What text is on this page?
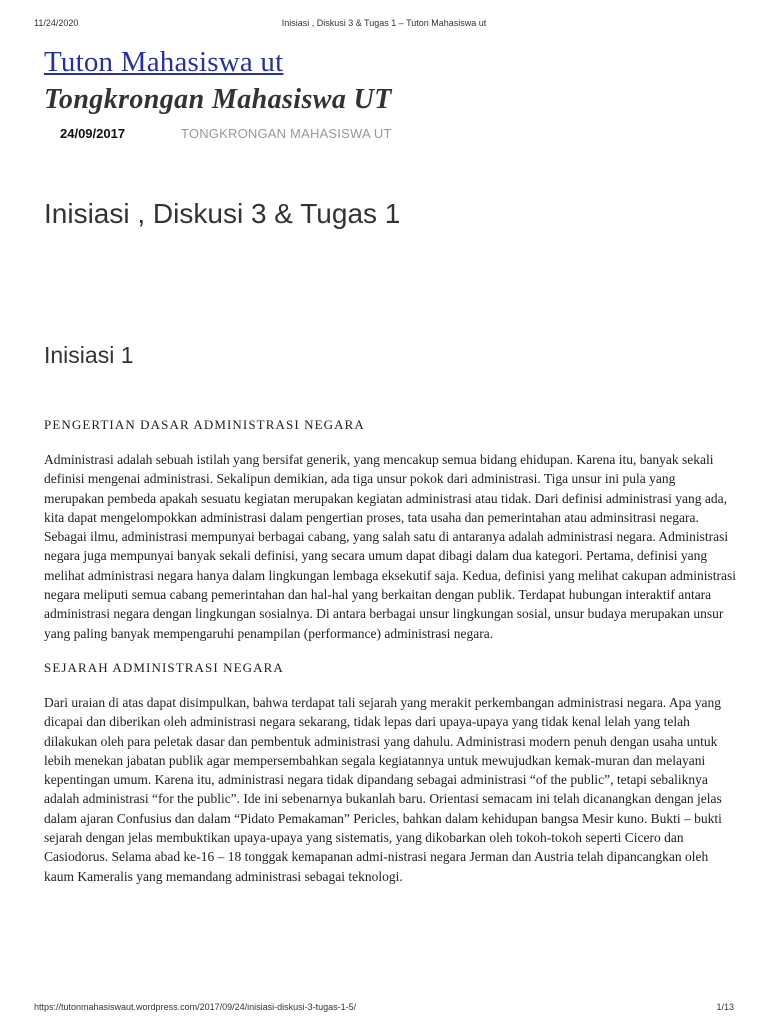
11/24/2020	Inisiasi , Diskusi 3 & Tugas 1 – Tuton Mahasiswa ut
Tuton Mahasiswa ut
Tongkrongan Mahasiswa UT
24/09/2017	TONGKRONGAN MAHASISWA UT
Inisiasi , Diskusi 3 & Tugas 1
Inisiasi 1

PENGERTIAN DASAR ADMINISTRASI NEGARA

Administrasi adalah sebuah istilah yang bersifat generik, yang mencakup semua bidang ehidupan. Karena itu, banyak sekali definisi mengenai administrasi. Sekalipun demikian, ada tiga unsur pokok dari administrasi. Tiga unsur ini pula yang merupakan pembeda apakah sesuatu kegiatan merupakan kegiatan administrasi atau tidak. Dari definisi administrasi yang ada, kita dapat mengelompokkan administrasi dalam pengertian proses, tata usaha dan pemerintahan atau adminsitrasi negara. Sebagai ilmu, administrasi mempunyai berbagai cabang, yang salah satu di antaranya adalah administrasi negara. Administrasi negara juga mempunyai banyak sekali definisi, yang secara umum dapat dibagi dalam dua kategori. Pertama, definisi yang melihat administrasi negara hanya dalam lingkungan lembaga eksekutif saja. Kedua, definisi yang melihat cakupan administrasi negara meliputi semua cabang pemerintahan dan hal-hal yang berkaitan dengan publik. Terdapat hubungan interaktif antara administrasi negara dengan lingkungan sosialnya. Di antara berbagai unsur lingkungan sosial, unsur budaya merupakan unsur yang paling banyak mempengaruhi penampilan (performance) administrasi negara.

SEJARAH ADMINISTRASI NEGARA

Dari uraian di atas dapat disimpulkan, bahwa terdapat tali sejarah yang merakit perkembangan administrasi negara. Apa yang dicapai dan diberikan oleh administrasi negara sekarang, tidak lepas dari upaya-upaya yang tidak kenal lelah yang telah dilakukan oleh para peletak dasar dan pembentuk administrasi yang dahulu. Administrasi modern penuh dengan usaha untuk lebih menekan jabatan publik agar mempersembahkan segala kegiatannya untuk mewujudkan kemak-muran dan melayani kepentingan umum. Karena itu, administrasi negara tidak dipandang sebagai administrasi “of the public”, tetapi sebaliknya adalah administrasi “for the public”. Ide ini sebenarnya bukanlah baru. Orientasi semacam ini telah dicanangkan dengan jelas dalam ajaran Confusius dan dalam “Pidato Pemakaman” Pericles, bahkan dalam kehidupan bangsa Mesir kuno. Bukti – bukti sejarah dengan jelas membuktikan upaya-upaya yang sistematis, yang dikobarkan oleh tokoh-tokoh seperti Cicero dan Casiodorus. Selama abad ke-16 – 18 tonggak kemapanan admi-nistrasi negara Jerman dan Austria telah dipancangkan oleh kaum Kameralis yang memandang administrasi sebagai teknologi.

https://tutonmahasiswaut.wordpress.com/2017/09/24/inisiasi-diskusi-3-tugas-1-5/	1/13
